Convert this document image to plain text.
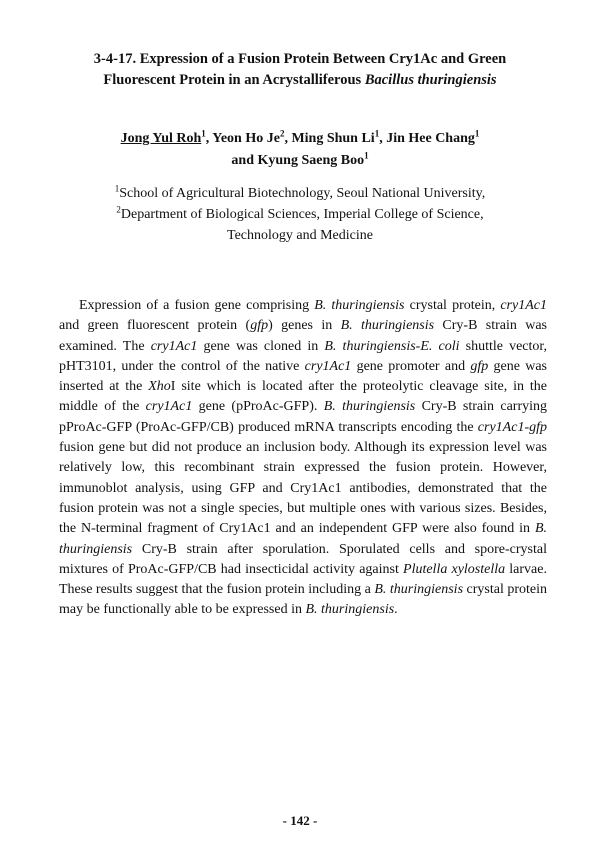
3-4-17. Expression of a Fusion Protein Between Cry1Ac and Green
Fluorescent Protein in an Acrystalliferous Bacillus thuringiensis
Jong Yul Roh$^1$, Yeon Ho Je$^2$, Ming Shun Li$^1$, Jin Hee Chang$^1$
and Kyung Saeng Boo$^1$
$^1$School of Agricultural Biotechnology, Seoul National University,
$^2$Department of Biological Sciences, Imperial College of Science,
Technology and Medicine

Expression of a fusion gene comprising B. thuringiensis crystal protein, cry1Ac1 and green fluorescent protein (gfp) genes in B. thuringiensis Cry-B strain was examined. The cry1Ac1 gene was cloned in B. thuringiensis-E. coli shuttle vector, pHT3101, under the control of the native cry1Ac1 gene promoter and gfp gene was inserted at the XhoI site which is located after the proteolytic cleavage site, in the middle of the cry1Ac1 gene (pProAc-GFP). B. thuringiensis Cry-B strain carrying pProAc-GFP (ProAc-GFP/CB) produced mRNA transcripts encoding the cry1Ac1-gfp fusion gene but did not produce an inclusion body. Although its expression level was relatively low, this recombinant strain expressed the fusion protein. However, immunoblot analysis, using GFP and Cry1Ac1 antibodies, demonstrated that the fusion protein was not a single species, but multiple ones with various sizes. Besides, the N-terminal fragment of Cry1Ac1 and an independent GFP were also found in B. thuringiensis Cry-B strain after sporulation. Sporulated cells and spore-crystal mixtures of ProAc-GFP/CB had insecticidal activity against Plutella xylostella larvae. These results suggest that the fusion protein including a B. thuringiensis crystal protein may be functionally able to be expressed in B. thuringiensis.

- 142 -
